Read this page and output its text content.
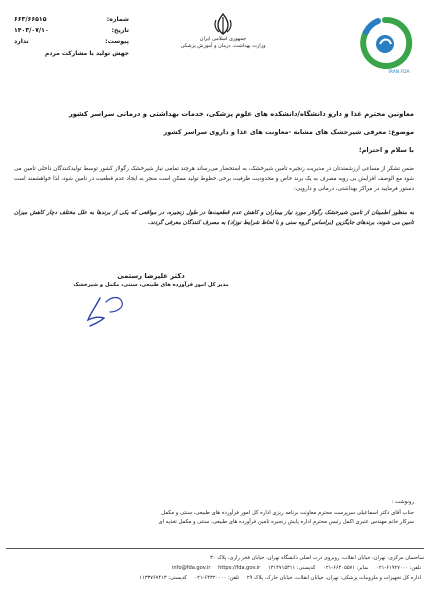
شماره:
۶۶۳/۶۶۵۱۵
تاریخ:
۱۴۰۳/۰۷/۱۰
پیوست:
ندارد
جهش تولید با مشارکت مردم
جمهوری اسلامی ایران
وزارت بهداشت، درمان و آموزش پزشکی
IRAN FDA
معاونین محترم غذا و دارو دانشگاه/دانشکده های علوم پزشکی، خدمات بهداشتی و درمانی سراسر کشور
موضوع: معرفی شیرخشک های مشابه -معاونت های غذا و داروی سراسر کشور
با سلام و احترام؛
ضمن تشکر از مساعی ارزشمندتان در مدیریت زنجیره تامین شیرخشک، به استحضار می‌رساند هرچند تمامی نیاز شیرخشک رگولار کشور توسط تولیدکنندگان داخلی تامین می شود مع الوصف افزایش بی رویه مصرف به یک برند خاص و محدودیت ظرفیت برخی خطوط تولید ممکن است منجر به ایجاد عدم قطعیت در تامین شود، لذا خواهشمند است دستور فرمایید در مراکز بهداشتی، درمانی و دارویی:
به منظور اطمینان از تامین شیرخشک رگولار مورد نیاز بیماران و کاهش عدم قطعیت‌ها در طول زنجیره، در مواقعی که یکی از برندها به علل مختلف دچار کاهش میزان تامین می شوند، برندهای جایگزین (براساس گروه سنی و با لحاظ شرایط نوزاد) به مصرف کنندگان معرفی گردند.
دکتر علیرضا رستمی
مدیر کل امور فرآورده های طبیعی، سنتی، مکمل و شیرخشک
رونوشت :
جناب آقای دکتر اسماعیلی سرپرست محترم معاونت برنامه ریزی اداره کل امور فرآورده های طبیعی، سنتی و مکمل
سرکار خانم مهندس عنبری اکمل رئیس محترم اداره پایش زنجیره تامین فرآورده های طبیعی، سنتی و مکمل تغذیه ای
ساختمان مرکزی: تهران، خیابان انقلاب، روبروی درب اصلی دانشگاه تهران، خیابان فخر رازی، پلاک ۳۰
تلفن: ۶۱۹۲۷۰۰۰-۰۲۱ نمابر: ۶۶۴۰۵۵۷۱-۰۲۱ کدپستی: ۱۳۱۴۷۱۵۳۱۱ info@fda.gov.ir https://fda.gov.ir
اداره کل تجهیزات و ملزومات پزشکی: تهران، خیابان انقلاب، خیابان خارک، پلاک ۲۹ تلفن: ۶۴۳۲۰۰۰۰-۰۲۱ کدپستی: ۱۱۳۳۷۶۷۴۱۳
